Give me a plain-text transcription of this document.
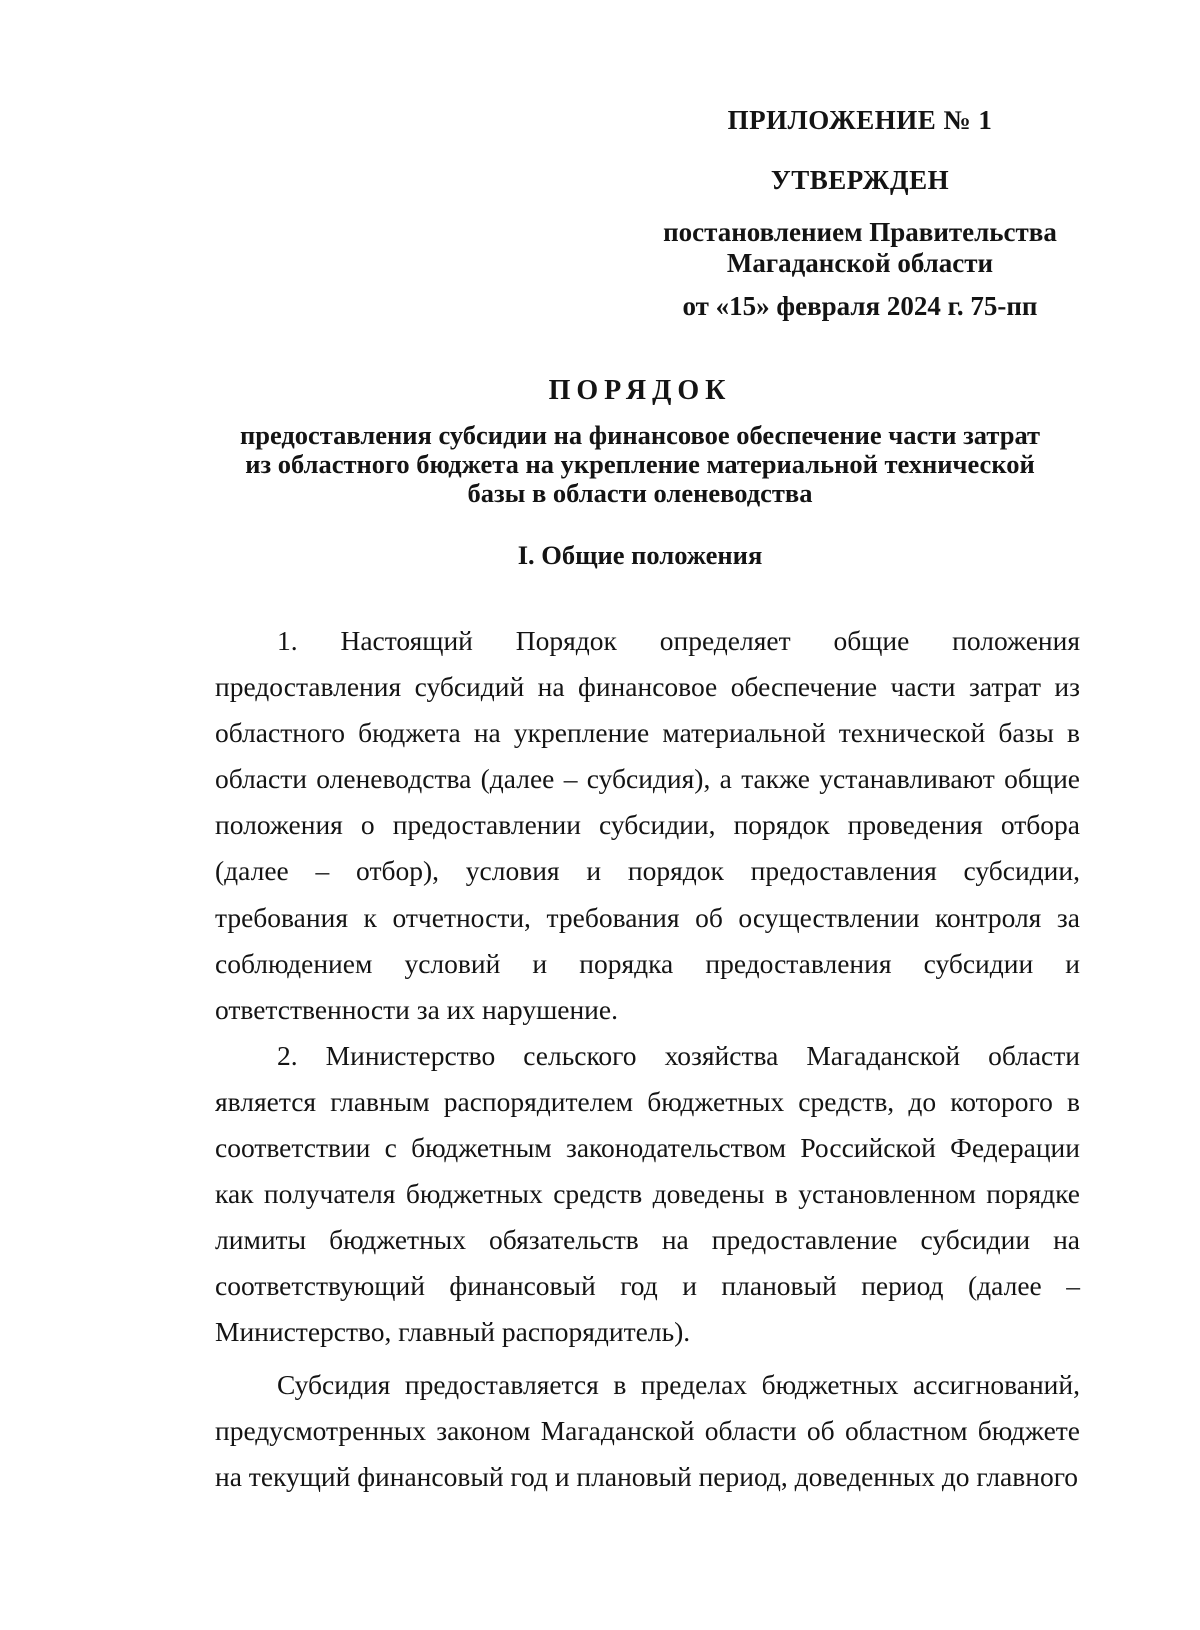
ПРИЛОЖЕНИЕ № 1
УТВЕРЖДЕН
постановлением Правительства
Магаданской области
от «15» февраля 2024 г. 75-пп
ПОРЯДОК
предоставления субсидии на финансовое обеспечение части затрат
из областного бюджета на укрепление материальной технической
базы в области оленеводства
I. Общие положения

1. Настоящий Порядок определяет общие положения предоставления субсидий на финансовое обеспечение части затрат из областного бюджета на укрепление материальной технической базы в области оленеводства (далее – субсидия), а также устанавливают общие положения о предоставлении субсидии, порядок проведения отбора (далее – отбор), условия и порядок предоставления субсидии, требования к отчетности, требования об осуществлении контроля за соблюдением условий и порядка предоставления субсидии и ответственности за их нарушение.

2. Министерство сельского хозяйства Магаданской области является главным распорядителем бюджетных средств, до которого в соответствии с бюджетным законодательством Российской Федерации как получателя бюджетных средств доведены в установленном порядке лимиты бюджетных обязательств на предоставление субсидии на соответствующий финансовый год и плановый период (далее – Министерство, главный распорядитель).

Субсидия предоставляется в пределах бюджетных ассигнований, предусмотренных законом Магаданской области об областном бюджете на текущий финансовый год и плановый период, доведенных до главного
